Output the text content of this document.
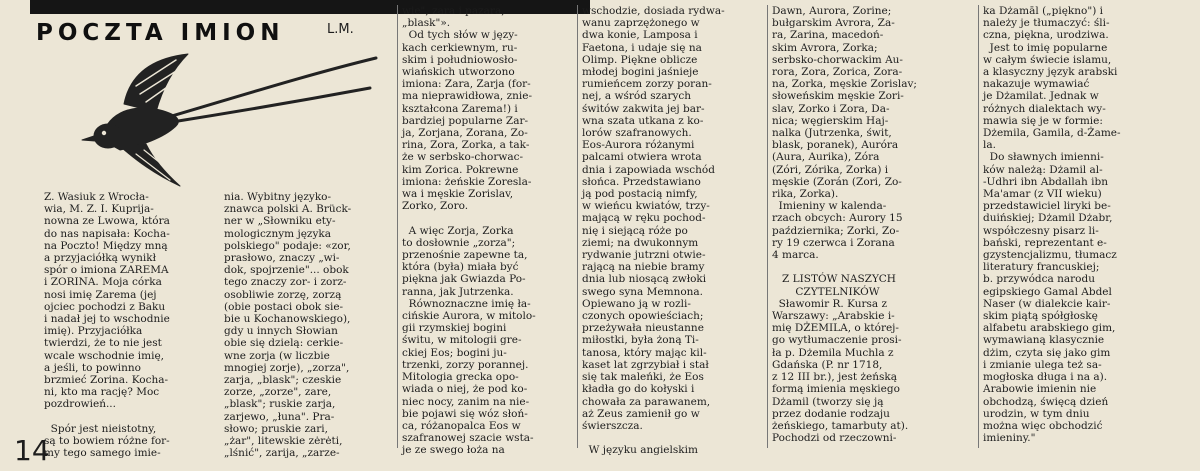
POCZTA IMION	L.M.

Z. Wasiuk z Wrocła-
wia, M. Z. I. Kuprija-
nowna ze Lwowa, która
do nas napisała: Kocha-
na Poczto! Między mną
a przyjaciółką wynikł
spór o imiona ZAREMA
i ZORINA. Moja córka
nosi imię Zarema (jej
ojciec pochodzi z Baku
i nadał jej to wschodnie
imię). Przyjaciółka
twierdzi, że to nie jest
wcale wschodnie imię,
a jeśli, to powinno
brzmieć Zorina. Kocha-
ni, kto ma rację? Moc
pozdrowień...

Spór jest nieistotny,
są to bowiem różne for-
my tego samego imie-
nia. Wybitny języko-
znawca polski A. Brück-
ner w „Słowniku ety-
mologicznym języka
polskiego" podaje: «zor,
prasłowo, znaczy „wi-
dok, spojrzenie"... obok
tego znaczy zor- i zorz-
osobliwie zorzę, zorzą
(obie postaci obok sie-
bie u Kochanowskiego),
gdy u innych Słowian
obie się dzielą: cerkie-
wne zorja (w liczbie
mnogiej zorje), „zorza",
zarja, „blask"; czeskie
zorze, „zorze", zare,
„blask"; ruskie zarja,
zarjewo, „łuna". Pra-
słowo; pruskie zari,
„żar", litewskie zėrėti,
„lśnić", zarija, „zarze-
wie", zara i pazara,
„blask"».
Od tych słów w języ-
kach cerkiewnym, ru-
skim i południowosło-
wiańskich utworzono
imiona: Zara, Zarja (for-
ma nieprawidłowa, znie-
kształcona Zarema!) i
bardziej popularne Zar-
ja, Zorjana, Zorana, Zo-
rina, Zora, Zorka, a tak-
że w serbsko-chorwac-
kim Zorica. Pokrewne
imiona: żeńskie Zoresla-
wa i męskie Zorislav,
Zorko, Zoro.

A więc Zorja, Zorka
to dosłownie „zorza";
przenośnie zapewne ta,
która (była) miała być
piękna jak Gwiazda Po-
ranna, jak Jutrzenka.
Równoznaczne imię ła-
cińskie Aurora, w mitolo-
gii rzymskiej bogini
świtu, w mitologii gre-
ckiej Eos; bogini ju-
trzenki, zorzy porannej.
Mitologia grecka opo-
wiada o niej, że pod ko-
niec nocy, zanim na nie-
bie pojawi się wóz słoń-
ca, różanopalca Eos w
szafranowej szacie wsta-
je ze swego łoża na
wschodzie, dosiada rydwa-
wanu zaprzężonego w
dwa konie, Lamposa i
Faetona, i udaje się na
Olimp. Piękne oblicze
młodej bogini jaśnieje
rumieńcem zorzy poran-
nej, a wśród szarych
świtów zakwita jej bar-
wna szata utkana z ko-
lorów szafranowych.
Eos-Aurora różanymi
palcami otwiera wrota
dnia i zapowiada wschód
słońca. Przedstawiano
ją pod postacią nimfy,
w wieńcu kwiatów, trzy-
mającą w ręku pochod-
nię i siejącą róże po
ziemi; na dwukonnym
rydwanie jutrzni otwie-
rającą na niebie bramy
dnia lub niosącą zwłoki
swego syna Memnona.
Opiewano ją w rozli-
czonych opowieściach;
przeżywała nieustanne
miłostki, była żoną Ti-
tanosa, który mając kil-
kaset lat zgrzybiał i stał
się tak maleńki, że Eos
kładła go do kołyski i
chowała za parawanem,
aż Zeus zamienił go w
świerszcza.

W języku angielskim
Dawn, Aurora, Zorine;
bułgarskim Avrora, Za-
ra, Zarina, macedoń-
skim Avrora, Zorka;
serbsko-chorwackim Au-
rora, Zora, Zorica, Zora-
na, Zorka, męskie Zorislav;
słoweńskim męskie Zori-
slav, Zorko i Zora, Da-
nica; węgierskim Haj-
nalka (Jutrzenka, świt,
blask, poranek), Auróra
(Aura, Aurika), Zóra
(Zóri, Zórika, Zorka) i
męskie (Zorán (Zori, Zo-
rika, Zorka).
Imieniny w kalenda-
rzach obcych: Aurory 15
października; Zorki, Zo-
ry 19 czerwca i Zorana
4 marca.

Z LISTÓW NASZYCH
CZYTELNIKÓW
Sławomir R. Kursa z
Warszawy: „Arabskie i-
mię DŻEMILA, o której-
go wytłumaczenie prosi-
ła p. Dżemila Muchla z
Gdańska (P. nr 1718,
z 12 III br.), jest żeńską
formą imienia męskiego
Dżamil (tworzy się ją
przez dodanie rodzaju
żeńskiego, tamarbuty at).
Pochodzi od rzeczowni-
ka Dżamāl („piękno") i
należy je tłumaczyć: śli-
czna, piękna, urodziwa.
Jest to imię popularne
w całym świecie islamu,
a klasyczny język arabski
nakazuje wymawiać
je Dżamilat. Jednak w
różnych dialektach wy-
mawia się je w formie:
Dżemila, Gamila, d-Żame-
la.
Do sławnych imienni-
ków należą: Dżamil al-
-Udhri ibn Abdallah ibn
Ma'amar (z VII wieku)
przedstawiciel liryki be-
duińskiej; Dżamil Dżabr,
współczesny pisarz li-
bański, reprezentant e-
gzystencjalizmu, tłumacz
literatury francuskiej;
b. przywódca narodu
egipskiego Gamal Abdel
Naser (w dialekcie kair-
skim piątą spółgłoskę
alfabetu arabskiego gim,
wymawianą klasycznie
dżim, czyta się jako gim
i zmianie ulega też sa-
mogłoska długa i na a).
Arabowie imienin nie
obchodzą, święcą dzień
urodzin, w tym dniu
można więc obchodzić
imieniny."

14
